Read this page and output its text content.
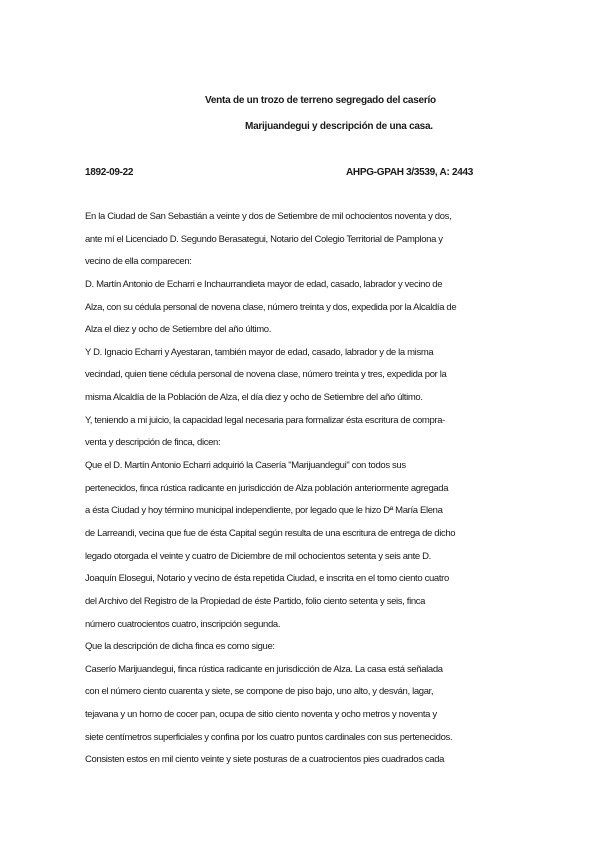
Venta de un trozo de terreno segregado del caserío
Marijuandegui y descripción de una casa.
1892-09-22	AHPG-GPAH 3/3539, A: 2443
En la Ciudad de San Sebastián a veinte y dos de Setiembre de mil ochocientos noventa y dos,
ante mí el Licenciado D. Segundo Berasategui, Notario del Colegio Territorial de Pamplona y
vecino de ella comparecen:
D. Martín Antonio de Echarri e Inchaurrandieta mayor de edad, casado, labrador y vecino de
Alza, con su cédula personal de novena clase, número treinta y dos, expedida por la Alcaldía de
Alza el diez y ocho de Setiembre del año último.
Y D. Ignacio Echarri y Ayestaran, también mayor de edad, casado, labrador y de la misma
vecindad, quien tiene cédula personal de novena clase, número treinta y tres, expedida por la
misma Alcaldía de la Población de Alza, el día diez y ocho de Setiembre del año último.
Y, teniendo a mi juicio, la capacidad legal necesaria para formalizar ésta escritura de compra-
venta y descripción de finca, dicen:
Que el D. Martín Antonio Echarri adquirió la Casería "Marijuandegui" con todos sus
pertenecidos, finca rústica radicante en jurisdicción de Alza población anteriormente agregada
a ésta Ciudad y hoy término municipal independiente, por legado que le hizo Dª María Elena
de Larreandi, vecina que fue de ésta Capital según resulta de una escritura de entrega de dicho
legado otorgada el veinte y cuatro de Diciembre de mil ochocientos setenta y seis ante D.
Joaquín Elosegui, Notario y vecino de ésta repetida Ciudad, e inscrita en el tomo ciento cuatro
del Archivo del Registro de la Propiedad de éste Partido, folio ciento setenta y seis, finca
número cuatrocientos cuatro, inscripción segunda.
Que la descripción de dicha finca es como sigue:
Caserío Marijuandegui, finca rústica radicante en jurisdicción de Alza. La casa está señalada
con el número ciento cuarenta y siete, se compone de piso bajo, uno alto, y desván, lagar,
tejavana y un horno de cocer pan, ocupa de sitio ciento noventa y ocho metros y noventa y
siete centímetros superficiales y confina por los cuatro puntos cardinales con sus pertenecidos.
Consisten estos en mil ciento veinte y siete posturas de a cuatrocientos pies cuadrados cada
